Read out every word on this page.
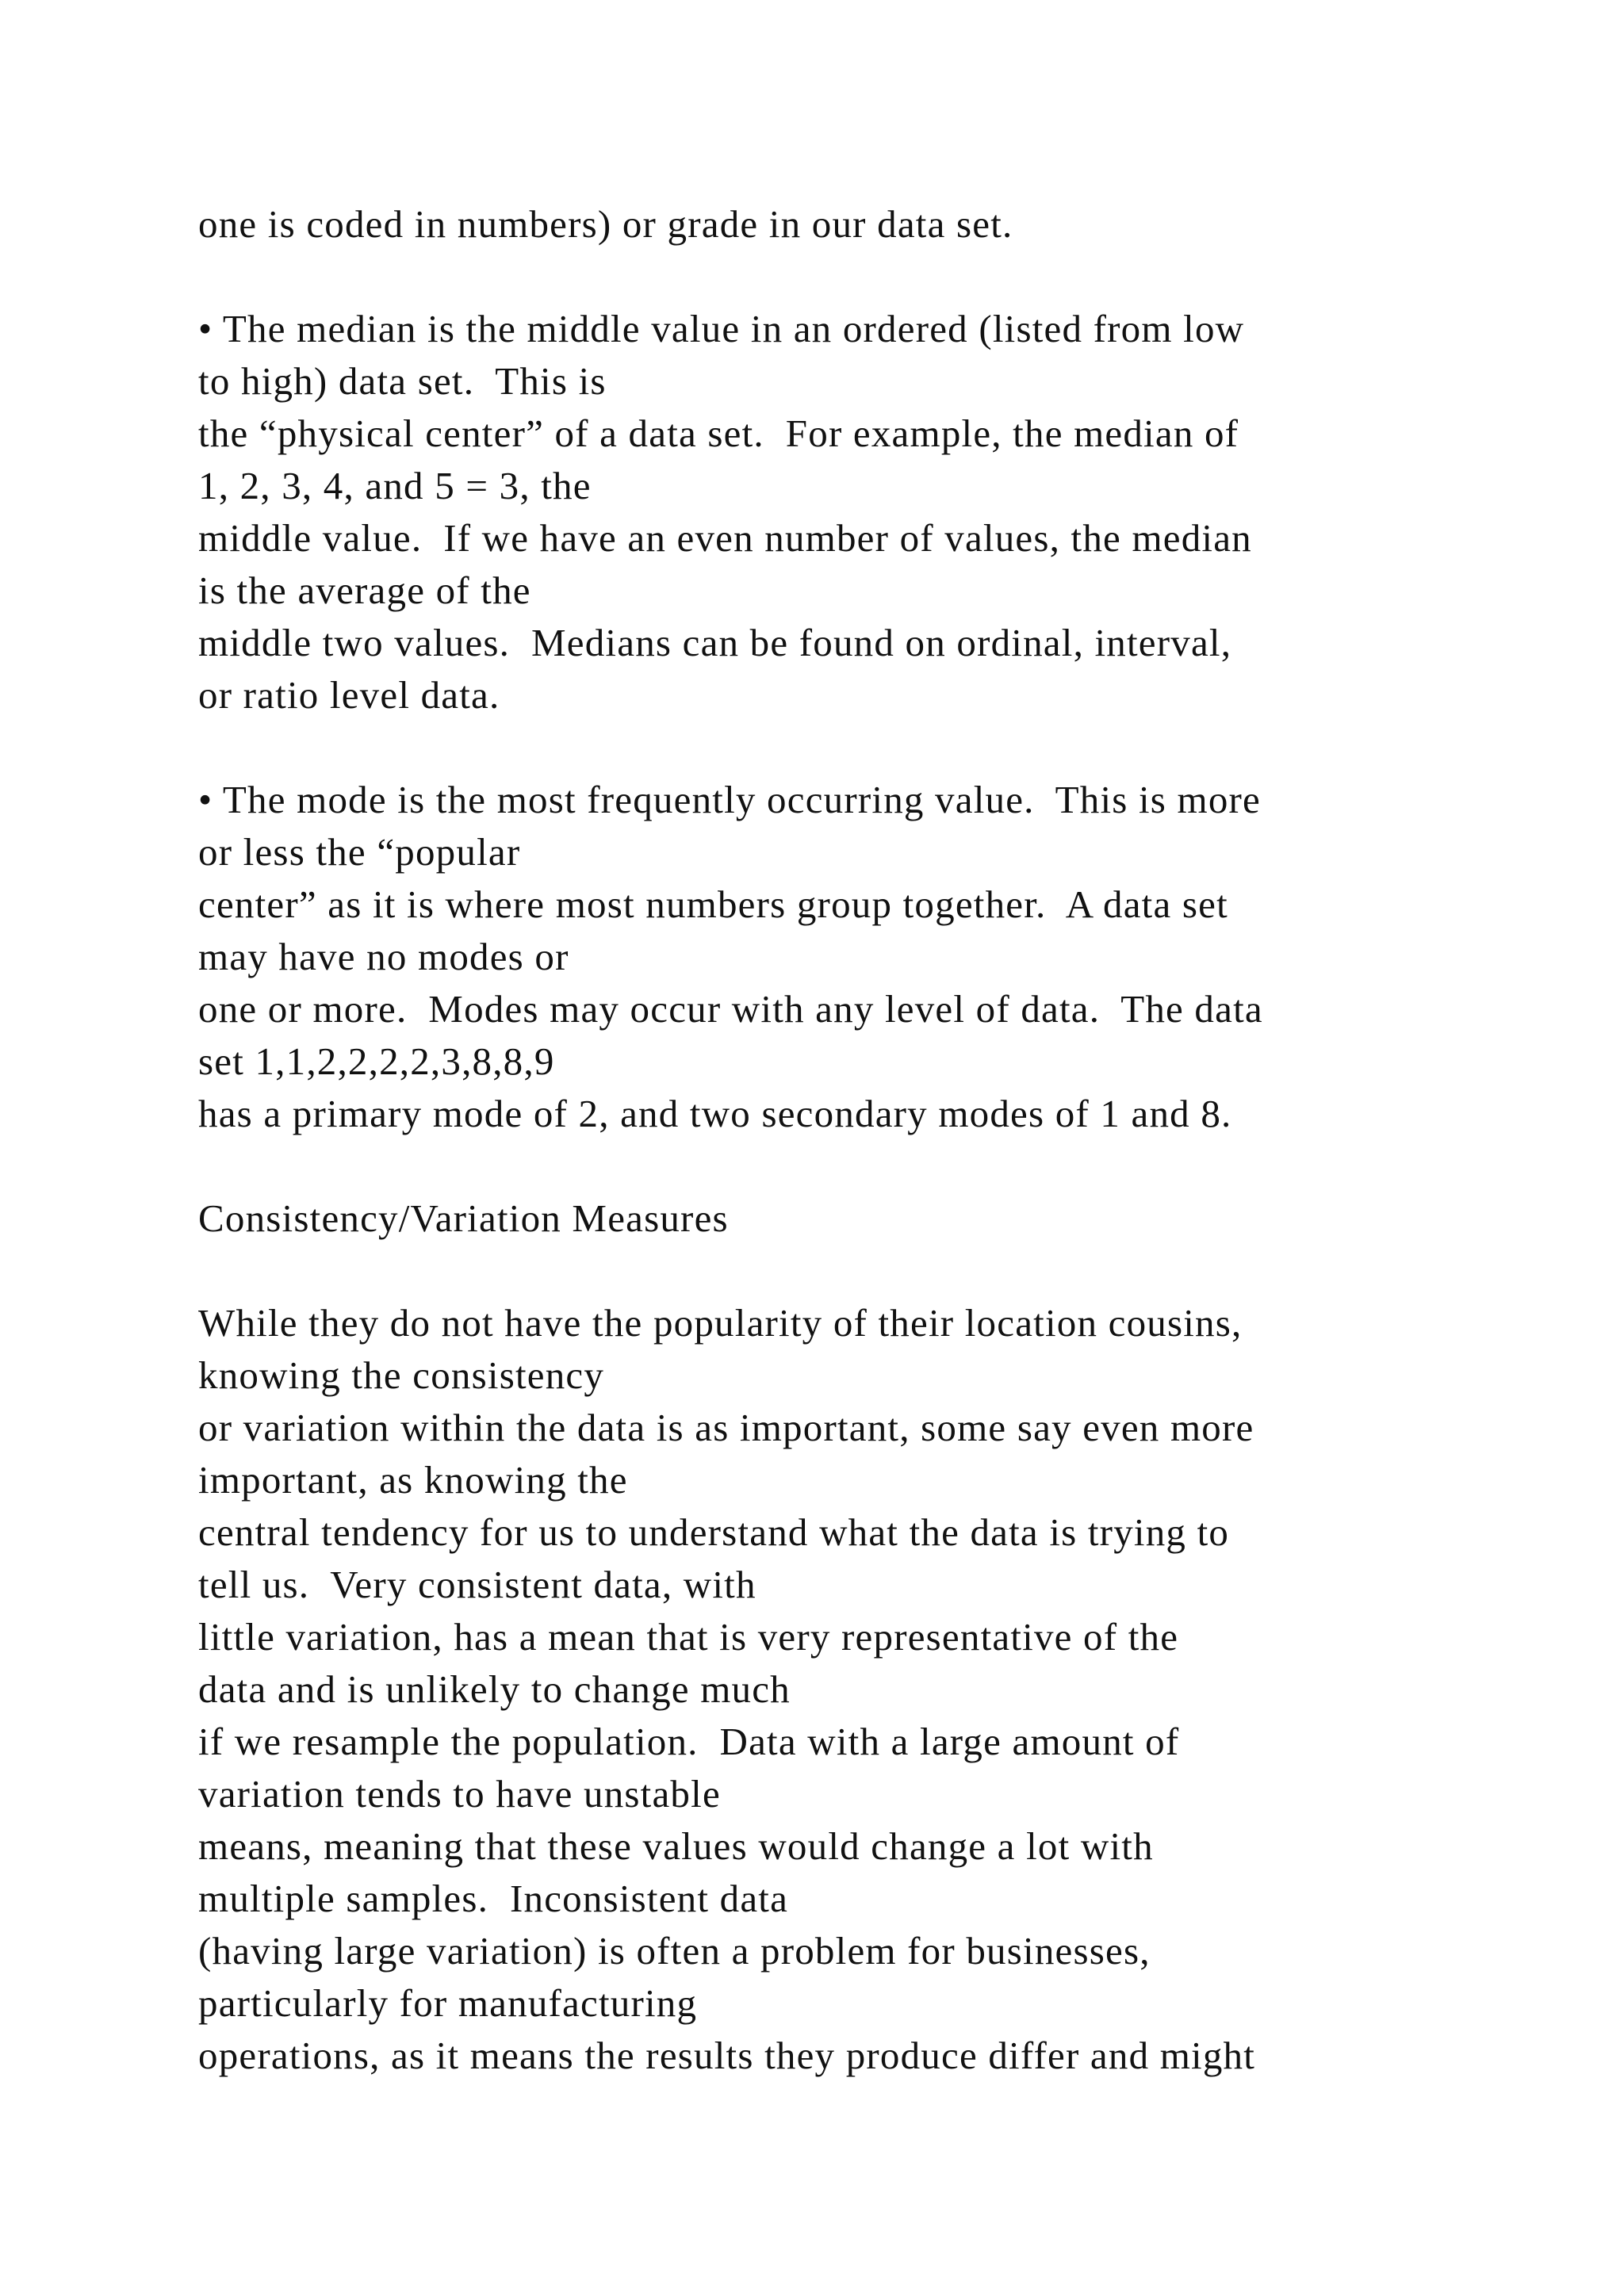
one is coded in numbers) or grade in our data set.
• The median is the middle value in an ordered (listed from low
to high) data set.  This is
the “physical center” of a data set.  For example, the median of
1, 2, 3, 4, and 5 = 3, the
middle value.  If we have an even number of values, the median
is the average of the
middle two values.  Medians can be found on ordinal, interval,
or ratio level data.
• The mode is the most frequently occurring value.  This is more
or less the “popular
center” as it is where most numbers group together.  A data set
may have no modes or
one or more.  Modes may occur with any level of data.  The data
set 1,1,2,2,2,2,3,8,8,9
has a primary mode of 2, and two secondary modes of 1 and 8.
Consistency/Variation Measures
While they do not have the popularity of their location cousins,
knowing the consistency
or variation within the data is as important, some say even more
important, as knowing the
central tendency for us to understand what the data is trying to
tell us.  Very consistent data, with
little variation, has a mean that is very representative of the
data and is unlikely to change much
if we resample the population.  Data with a large amount of
variation tends to have unstable
means, meaning that these values would change a lot with
multiple samples.  Inconsistent data
(having large variation) is often a problem for businesses,
particularly for manufacturing
operations, as it means the results they produce differ and might
